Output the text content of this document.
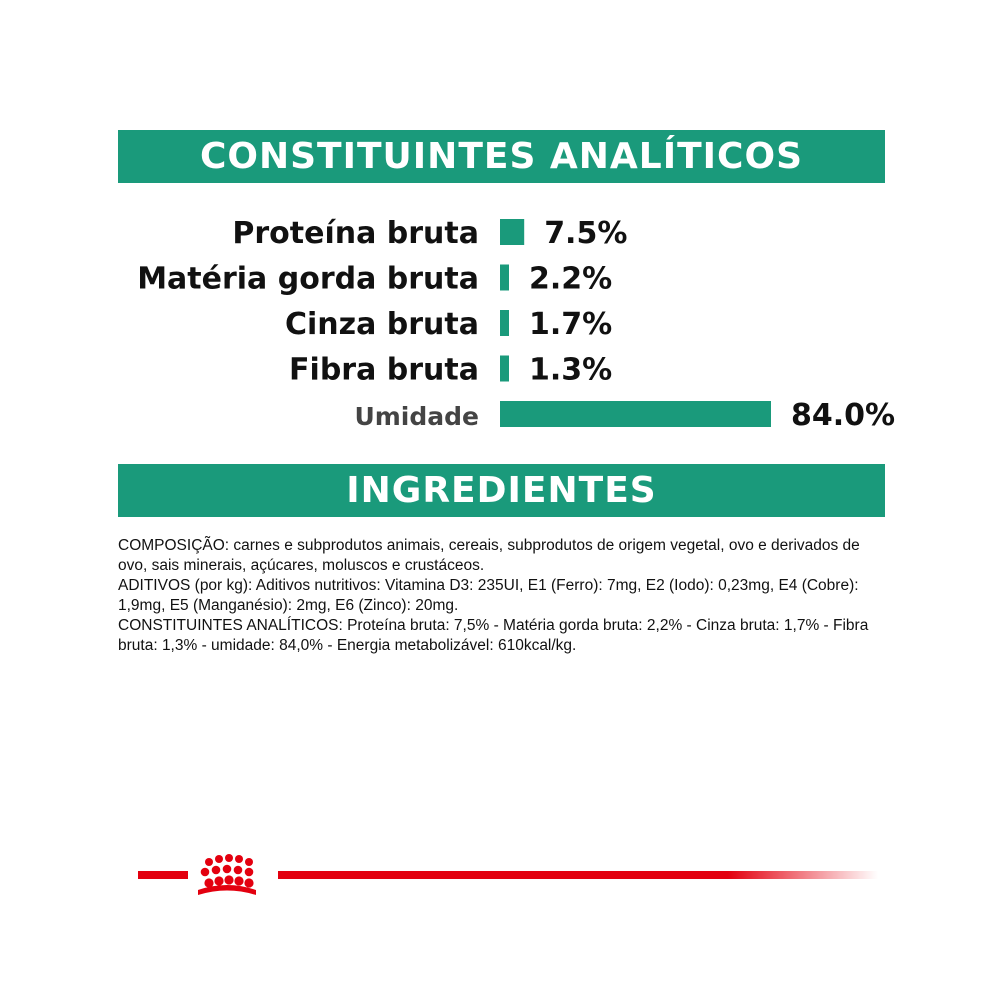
CONSTITUINTES ANALÍTICOS
Proteína bruta 7.5%
Matéria gorda bruta 2.2%
Cinza bruta 1.7%
Fibra bruta 1.3%
Umidade	84.0%
INGREDIENTES

COMPOSIÇÃO: carnes e subprodutos animais, cereais, subprodutos de origem vegetal, ovo e derivados de ovo, sais minerais, açúcares, moluscos e crustáceos.

ADITIVOS (por kg): Aditivos nutritivos: Vitamina D3: 235UI, E1 (Ferro): 7mg, E2 (Iodo): 0,23mg, E4 (Cobre): 1,9mg, E5 (Manganésio): 2mg, E6 (Zinco): 20mg.

CONSTITUINTES ANALÍTICOS: Proteína bruta: 7,5% - Matéria gorda bruta: 2,2% - Cinza bruta: 1,7% - Fibra bruta: 1,3% - umidade: 84,0% - Energia metabolizável: 610kcal/kg.
